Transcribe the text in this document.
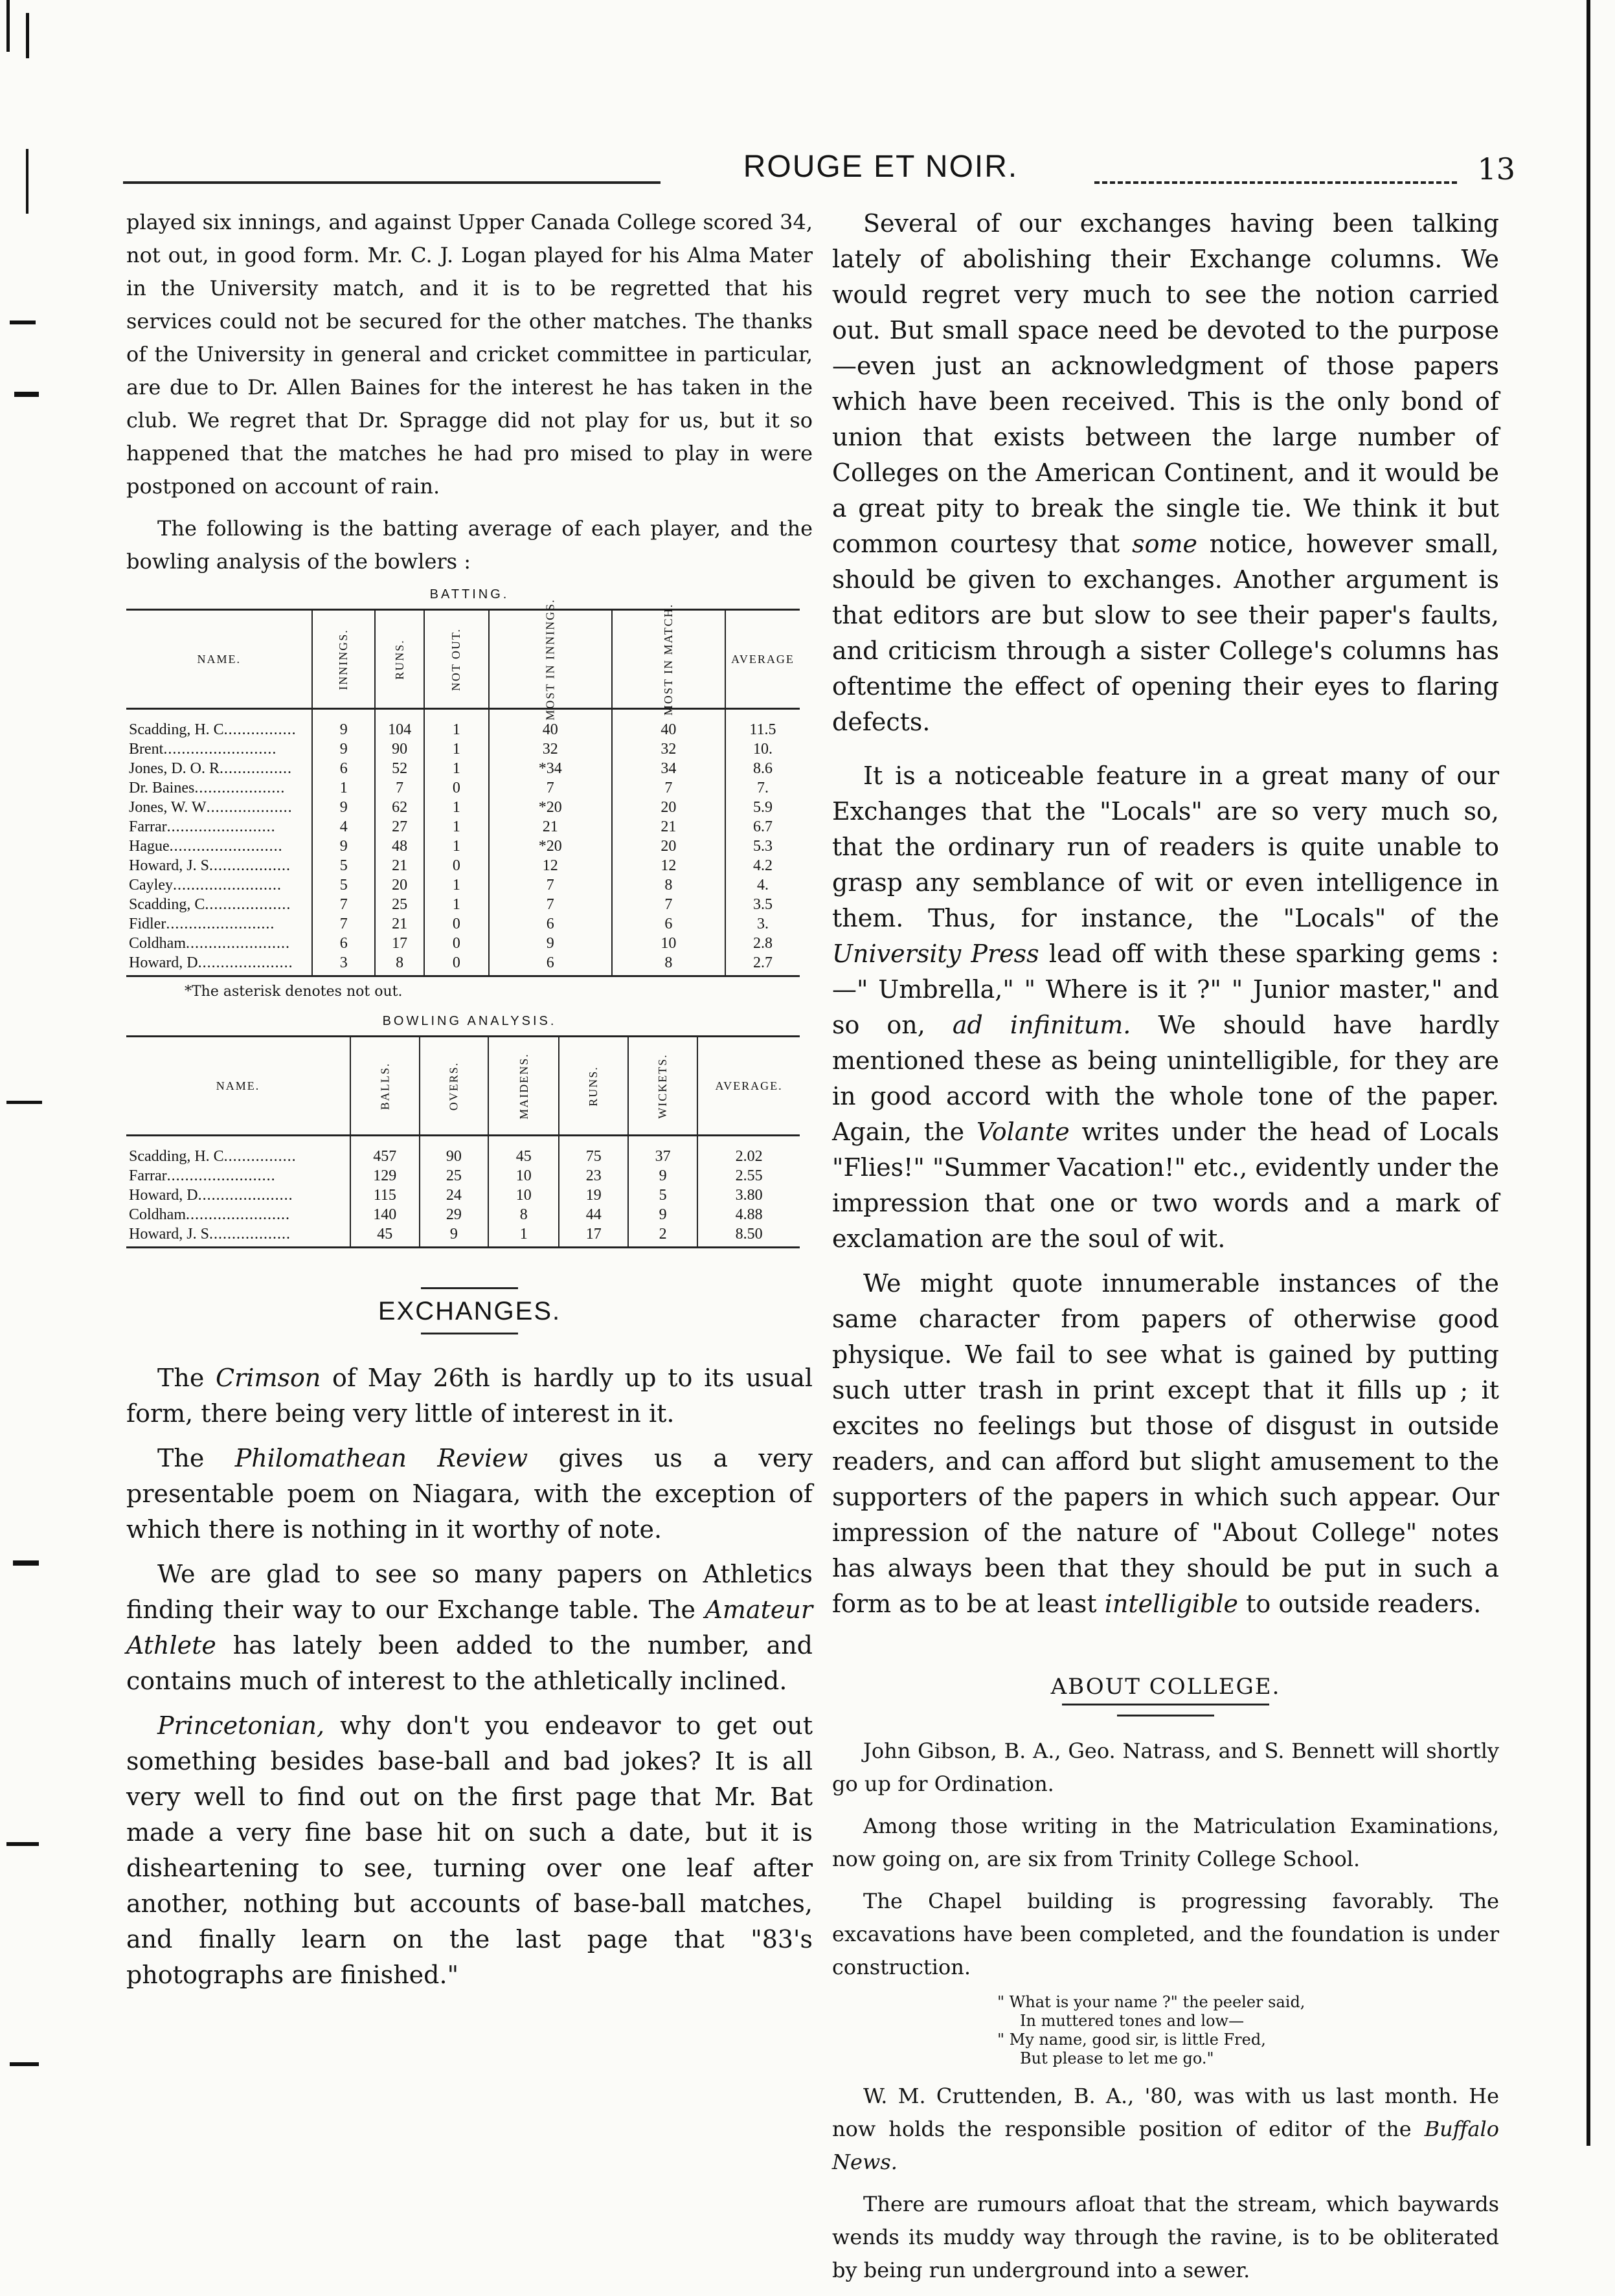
ROUGE ET NOIR.	13

played six innings, and against Upper Canada College scored 34, not out, in good form. Mr. C. J. Logan played for his Alma Mater in the University match, and it is to be regretted that his services could not be secured for the other matches. The thanks of the University in general and cricket committee in particular, are due to Dr. Allen Baines for the interest he has taken in the club. We regret that Dr. Spragge did not play for us, but it so happened that the matches he had pro mised to play in were postponed on account of rain.

The following is the batting average of each player, and the bowling analysis of the bowlers :

BATTING.
NAME.	INNINGS.	RUNS.	NOT OUT.	MOST IN INNINGS.	MOST IN MATCH.	AVERAGE
Scadding, H. C................	9	104	1	40	40	11.5
Brent.........................	9	90	1	32	32	10.
Jones, D. O. R................	6	52	1	*34	34	8.6
Dr. Baines....................	1	7	0	7	7	7.
Jones, W. W...................	9	62	1	*20	20	5.9
Farrar........................	4	27	1	21	21	6.7
Hague.........................	9	48	1	*20	20	5.3
Howard, J. S..................	5	21	0	12	12	4.2
Cayley........................	5	20	1	7	8	4.
Scadding, C...................	7	25	1	7	7	3.5
Fidler........................	7	21	0	6	6	3.
Coldham.......................	6	17	0	9	10	2.8
Howard, D.....................	3	8	0	6	8	2.7
*The asterisk denotes not out.
BOWLING ANALYSIS.
NAME.	BALLS.	OVERS.	MAIDENS.	RUNS.	WICKETS.	AVERAGE.
Scadding, H. C................	457	90	45	75	37	2.02
Farrar........................	129	25	10	23	9	2.55
Howard, D.....................	115	24	10	19	5	3.80
Coldham.......................	140	29	8	44	9	4.88
Howard, J. S..................	45	9	1	17	2	8.50
EXCHANGES.

The Crimson of May 26th is hardly up to its usual form, there being very little of interest in it.

The Philomathean Review gives us a very presentable poem on Niagara, with the exception of which there is nothing in it worthy of note.

We are glad to see so many papers on Athletics finding their way to our Exchange table. The Amateur Athlete has lately been added to the number, and contains much of interest to the athletically inclined.

Princetonian, why don't you endeavor to get out something besides base-ball and bad jokes? It is all very well to find out on the first page that Mr. Bat made a very fine base hit on such a date, but it is disheartening to see, turning over one leaf after another, nothing but accounts of base-ball matches, and finally learn on the last page that "83's photographs are finished."

Several of our exchanges having been talking lately of abolishing their Exchange columns. We would regret very much to see the notion carried out. But small space need be devoted to the purpose—even just an acknowledgment of those papers which have been received. This is the only bond of union that exists between the large number of Colleges on the American Continent, and it would be a great pity to break the single tie. We think it but common courtesy that some notice, however small, should be given to exchanges. Another argument is that editors are but slow to see their paper's faults, and criticism through a sister College's columns has oftentime the effect of opening their eyes to flaring defects.

It is a noticeable feature in a great many of our Exchanges that the "Locals" are so very much so, that the ordinary run of readers is quite unable to grasp any semblance of wit or even intelligence in them. Thus, for instance, the "Locals" of the University Press lead off with these sparking gems :—" Umbrella," " Where is it ?" " Junior master," and so on, ad infinitum. We should have hardly mentioned these as being unintelligible, for they are in good accord with the whole tone of the paper. Again, the Volante writes under the head of Locals "Flies!" "Summer Vacation!" etc., evidently under the impression that one or two words and a mark of exclamation are the soul of wit.

We might quote innumerable instances of the same character from papers of otherwise good physique. We fail to see what is gained by putting such utter trash in print except that it fills up ; it excites no feelings but those of disgust in outside readers, and can afford but slight amusement to the supporters of the papers in which such appear. Our impression of the nature of "About College" notes has always been that they should be put in such a form as to be at least intelligible to outside readers.

ABOUT COLLEGE.

John Gibson, B. A., Geo. Natrass, and S. Bennett will shortly go up for Ordination.

Among those writing in the Matriculation Examinations, now going on, are six from Trinity College School.

The Chapel building is progressing favorably. The excavations have been completed, and the foundation is under construction.

" What is your name ?" the peeler said,
In muttered tones and low—
" My name, good sir, is little Fred,
But please to let me go."

W. M. Cruttenden, B. A., '80, was with us last month. He now holds the responsible position of editor of the Buffalo News.

There are rumours afloat that the stream, which baywards wends its muddy way through the ravine, is to be obliterated by being run underground into a sewer.
